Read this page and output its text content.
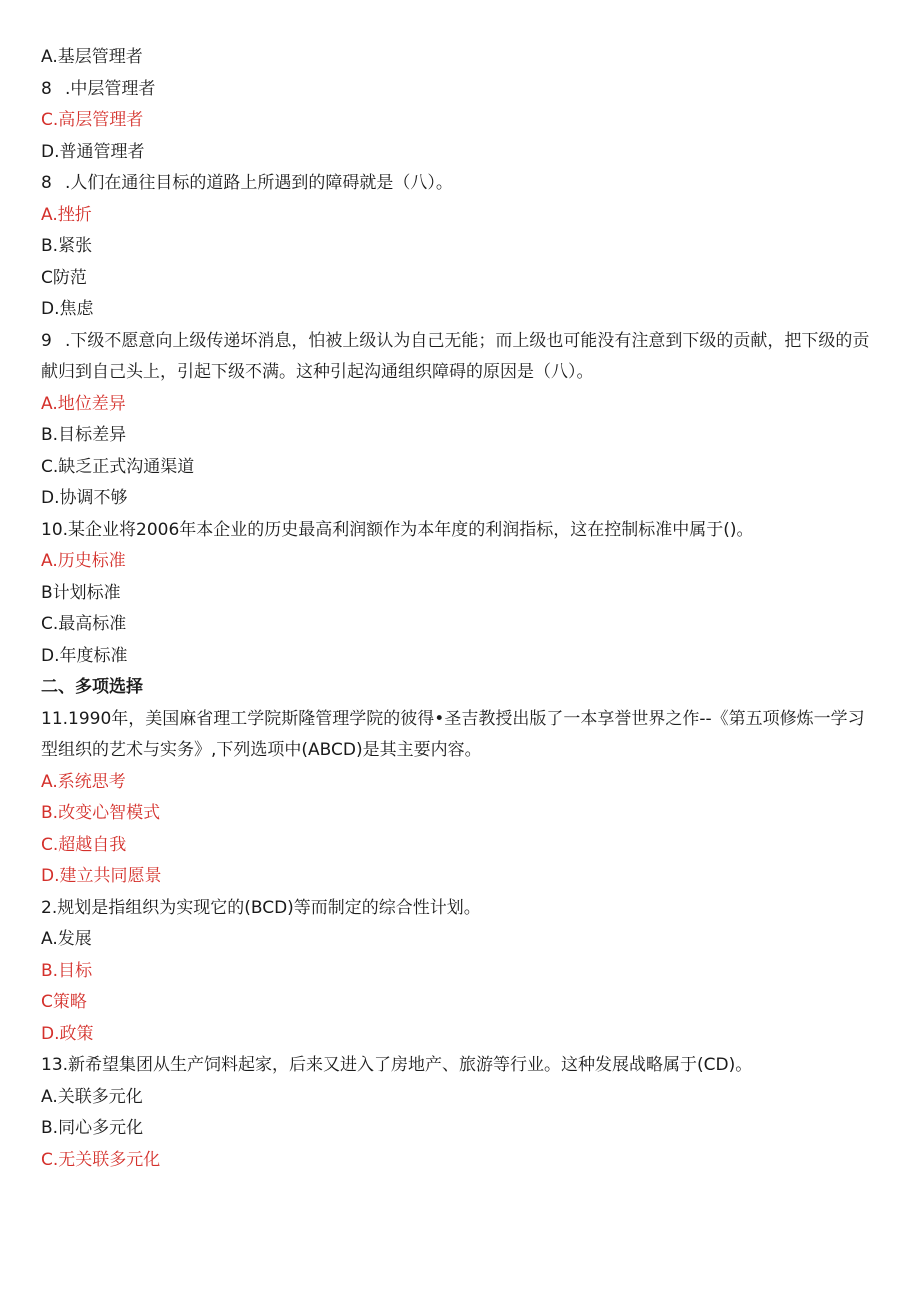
A.基层管理者
8 .中层管理者
C.高层管理者
D.普通管理者
8 .人们在通往目标的道路上所遇到的障碍就是（八）。
A.挫折
B.紧张
C防范
D.焦虑
9 .下级不愿意向上级传递坏消息，怕被上级认为自己无能；而上级也可能没有注意到下级的贡献，把下级的贡献归到自己头上，引起下级不满。这种引起沟通组织障碍的原因是（八）。
A.地位差异
B.目标差异
C.缺乏正式沟通渠道
D.协调不够
10.某企业将2006年本企业的历史最高利润额作为本年度的利润指标，这在控制标准中属于()。
A.历史标准
B计划标准
C.最高标准
D.年度标准
二、多项选择
11.1990年，美国麻省理工学院斯隆管理学院的彼得•圣吉教授出版了一本享誉世界之作--《第五项修炼一学习型组织的艺术与实务》,下列选项中(ABCD)是其主要内容。
A.系统思考
B.改变心智模式
C.超越自我
D.建立共同愿景
2.规划是指组织为实现它的(BCD)等而制定的综合性计划。
A.发展
B.目标
C策略
D.政策
13.新希望集团从生产饲料起家，后来又进入了房地产、旅游等行业。这种发展战略属于(CD)。
A.关联多元化
B.同心多元化
C.无关联多元化
